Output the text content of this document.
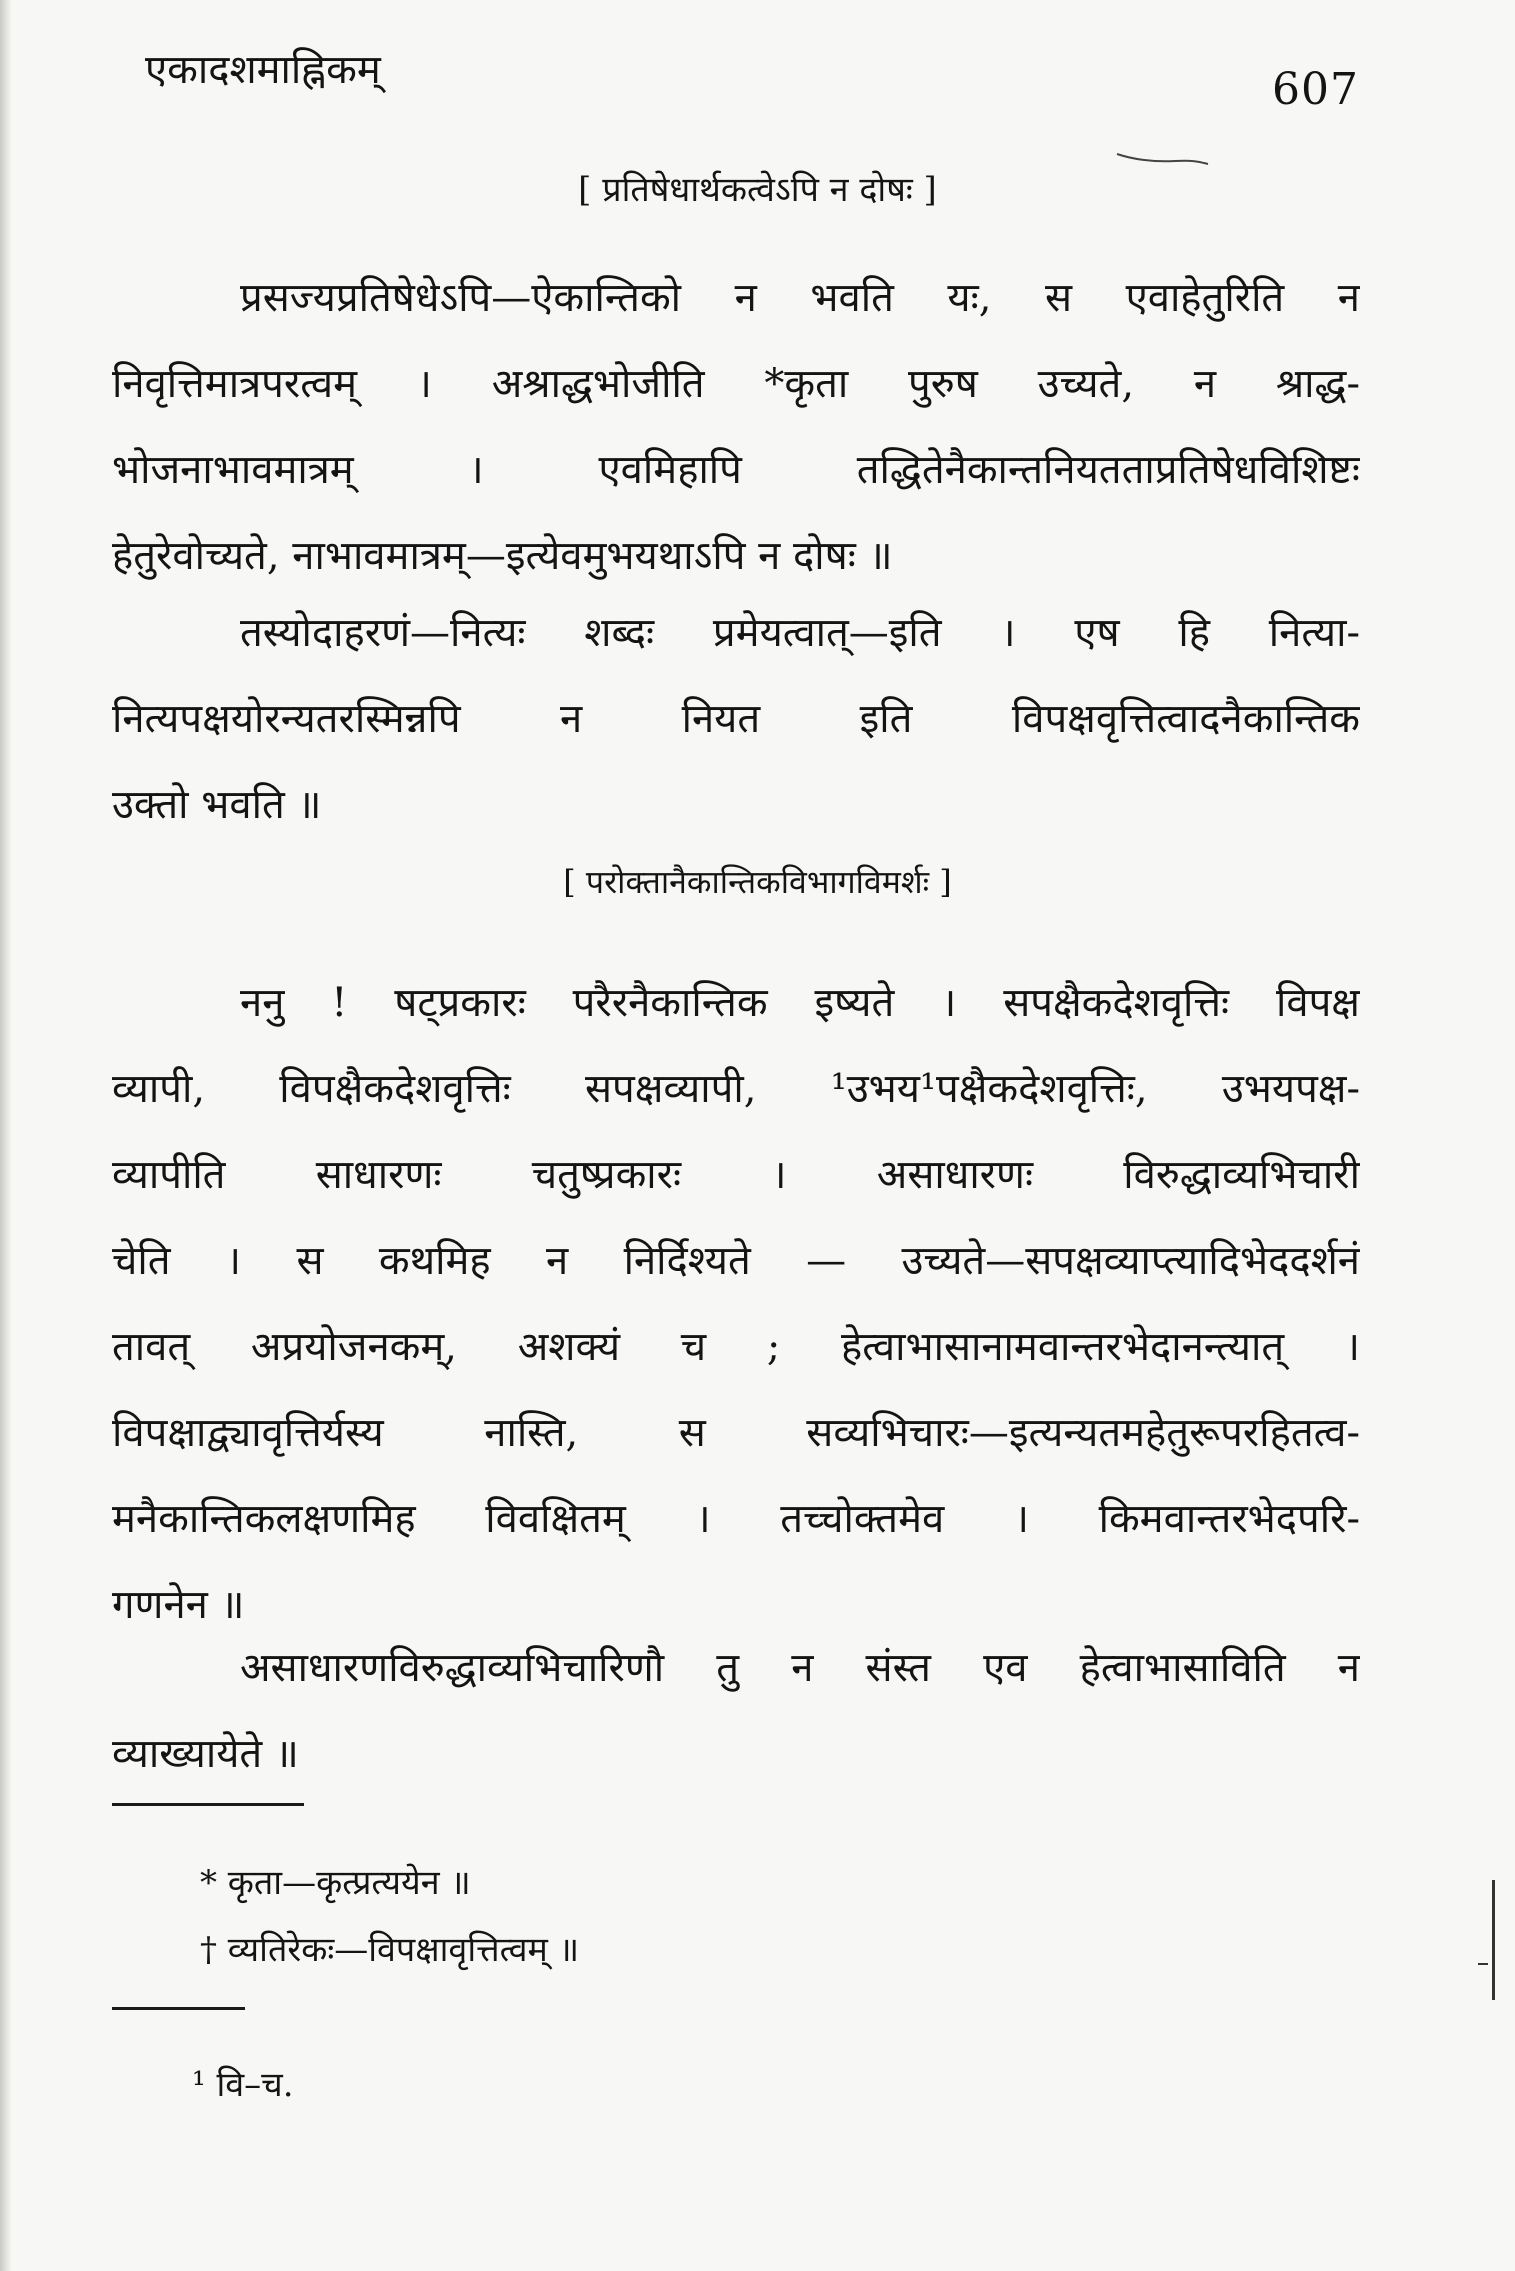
एकादशमाह्निकम्	607
[ प्रतिषेधार्थकत्वेऽपि न दोषः ]
प्रसज्यप्रतिषेधेऽपि—ऐकान्तिको न भवति यः, स एवाहेतुरिति न
निवृत्तिमात्रपरत्वम् । अश्राद्धभोजीति *कृता पुरुष उच्यते, न श्राद्ध-
भोजनाभावमात्रम् । एवमिहापि तद्धितेनैकान्तनियतताप्रतिषेधविशिष्टः
हेतुरेवोच्यते, नाभावमात्रम्—इत्येवमुभयथाऽपि न दोषः ॥
तस्योदाहरणं—नित्यः शब्दः प्रमेयत्वात्—इति । एष हि नित्या-
नित्यपक्षयोरन्यतरस्मिन्नपि न नियत इति विपक्षवृत्तित्वादनैकान्तिक
उक्तो भवति ॥
[ परोक्तानैकान्तिकविभागविमर्शः ]
ननु ! षट्प्रकारः परैरनैकान्तिक इष्यते । सपक्षैकदेशवृत्तिः विपक्ष
व्यापी, विपक्षैकदेशवृत्तिः सपक्षव्यापी, ¹उभय¹पक्षैकदेशवृत्तिः, उभयपक्ष-
व्यापीति साधारणः चतुष्प्रकारः । असाधारणः विरुद्धाव्यभिचारी
चेति । स कथमिह न निर्दिश्यते — उच्यते—सपक्षव्याप्त्यादिभेददर्शनं
तावत् अप्रयोजनकम्, अशक्यं च ; हेत्वाभासानामवान्तरभेदानन्त्यात् ।
विपक्षाद्व्यावृत्तिर्यस्य नास्ति, स सव्यभिचारः—इत्यन्यतमहेतुरूपरहितत्व-
मनैकान्तिकलक्षणमिह विवक्षितम् । तच्चोक्तमेव । किमवान्तरभेदपरि-
गणनेन ॥
असाधारणविरुद्धाव्यभिचारिणौ तु न संस्त एव हेत्वाभासाविति न
व्याख्यायेते ॥
* कृता—कृत्प्रत्ययेन ॥
† व्यतिरेकः—विपक्षावृत्तित्वम् ॥
¹ वि–च.
